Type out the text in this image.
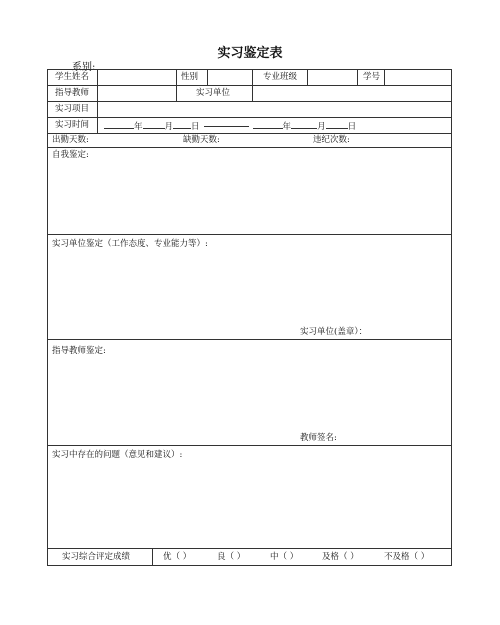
实习鉴定表
系别:
学生姓名	性别	专业班级	学号
指导教师	实习单位
实习项目
实习时间	年	月 日	年	月	日
出勤天数:	缺勤天数:	违纪次数:
自我鉴定:
实习单位鉴定（工作态度、专业能力等）:
实习单位(盖章）：
指导教师鉴定:
教师签名:
实习中存在的问题（意见和建议）:
实习综合评定成绩	优（ ）	良（ ）	中（ ）	及格（ ）	不及格（ ）
